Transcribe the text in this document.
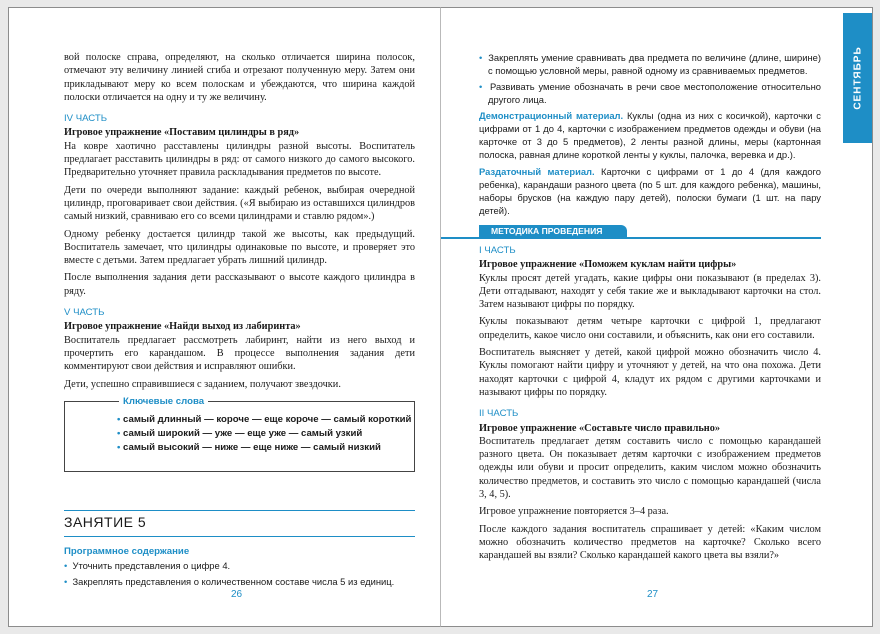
вой полоске справа, определяют, на сколько отличается ширина полосок, отмечают эту величину линией сгиба и отрезают полученную меру. Затем они прикладывают меру ко всем полоскам и убеждаются, что ширина каждой полоски отличается на одну и ту же величину.

IV ЧАСТЬ

Игровое упражнение «Поставим цилиндры в ряд»

На ковре хаотично расставлены цилиндры разной высоты. Воспитатель предлагает расставить цилиндры в ряд: от самого низкого до самого высокого. Предварительно уточняет правила раскладывания предметов по высоте.

Дети по очереди выполняют задание: каждый ребенок, выбирая очередной цилиндр, проговаривает свои действия. («Я выбираю из оставшихся цилиндров самый низкий, сравниваю его со всеми цилиндрами и ставлю рядом».)

Одному ребенку достается цилиндр такой же высоты, как предыдущий. Воспитатель замечает, что цилиндры одинаковые по высоте, и проверяет это вместе с детьми. Затем предлагает убрать лишний цилиндр.

После выполнения задания дети рассказывают о высоте каждого цилиндра в ряду.

V ЧАСТЬ

Игровое упражнение «Найди выход из лабиринта»

Воспитатель предлагает рассмотреть лабиринт, найти из него выход и прочертить его карандашом. В процессе выполнения задания дети комментируют свои действия и исправляют ошибки.

Дети, успешно справившиеся с заданием, получают звездочки.

Ключевые слова
• самый длинный — короче — еще короче — самый короткий
• самый широкий — уже — еще уже — самый узкий
• самый высокий — ниже — еще ниже — самый низкий
ЗАНЯТИЕ 5
Программное содержание

• Уточнить представления о цифре 4.

• Закреплять представления о количественном составе числа 5 из единиц.

26
СЕНТЯБРЬ

• Закреплять умение сравнивать два предмета по величине (длине, ширине) с помощью условной меры, равной одному из сравниваемых предметов.

• Развивать умение обозначать в речи свое местоположение относительно другого лица.

Демонстрационный материал. Куклы (одна из них с косичкой), карточки с цифрами от 1 до 4, карточки с изображением предметов одежды и обуви (на карточке от 3 до 5 предметов), 2 ленты разной длины, меры (картонная полоска, равная длине короткой ленты у куклы, палочка, веревка и др.).

Раздаточный материал. Карточки с цифрами от 1 до 4 (для каждого ребенка), карандаши разного цвета (по 5 шт. для каждого ребенка), машины, наборы брусков (на каждую пару детей), полоски бумаги (1 шт. на пару детей).

МЕТОДИКА ПРОВЕДЕНИЯ
I ЧАСТЬ

Игровое упражнение «Поможем куклам найти цифры»

Куклы просят детей угадать, какие цифры они показывают (в пределах 3). Дети отгадывают, находят у себя такие же и выкладывают карточки на стол. Затем называют цифры по порядку.

Куклы показывают детям четыре карточки с цифрой 1, предлагают определить, какое число они составили, и объяснить, как они его составили.

Воспитатель выясняет у детей, какой цифрой можно обозначить число 4. Куклы помогают найти цифру и уточняют у детей, на что она похожа. Дети находят карточки с цифрой 4, кладут их рядом с другими карточками и называют цифры по порядку.

II ЧАСТЬ

Игровое упражнение «Составьте число правильно»

Воспитатель предлагает детям составить число с помощью карандашей разного цвета. Он показывает детям карточки с изображением предметов одежды или обуви и просит определить, каким числом можно обозначить количество предметов, и составить это число с помощью карандашей (числа 3, 4, 5).

Игровое упражнение повторяется 3–4 раза.

После каждого задания воспитатель спрашивает у детей: «Каким числом можно обозначить количество предметов на карточке? Сколько всего карандашей вы взяли? Сколько карандашей какого цвета вы взяли?»

27
